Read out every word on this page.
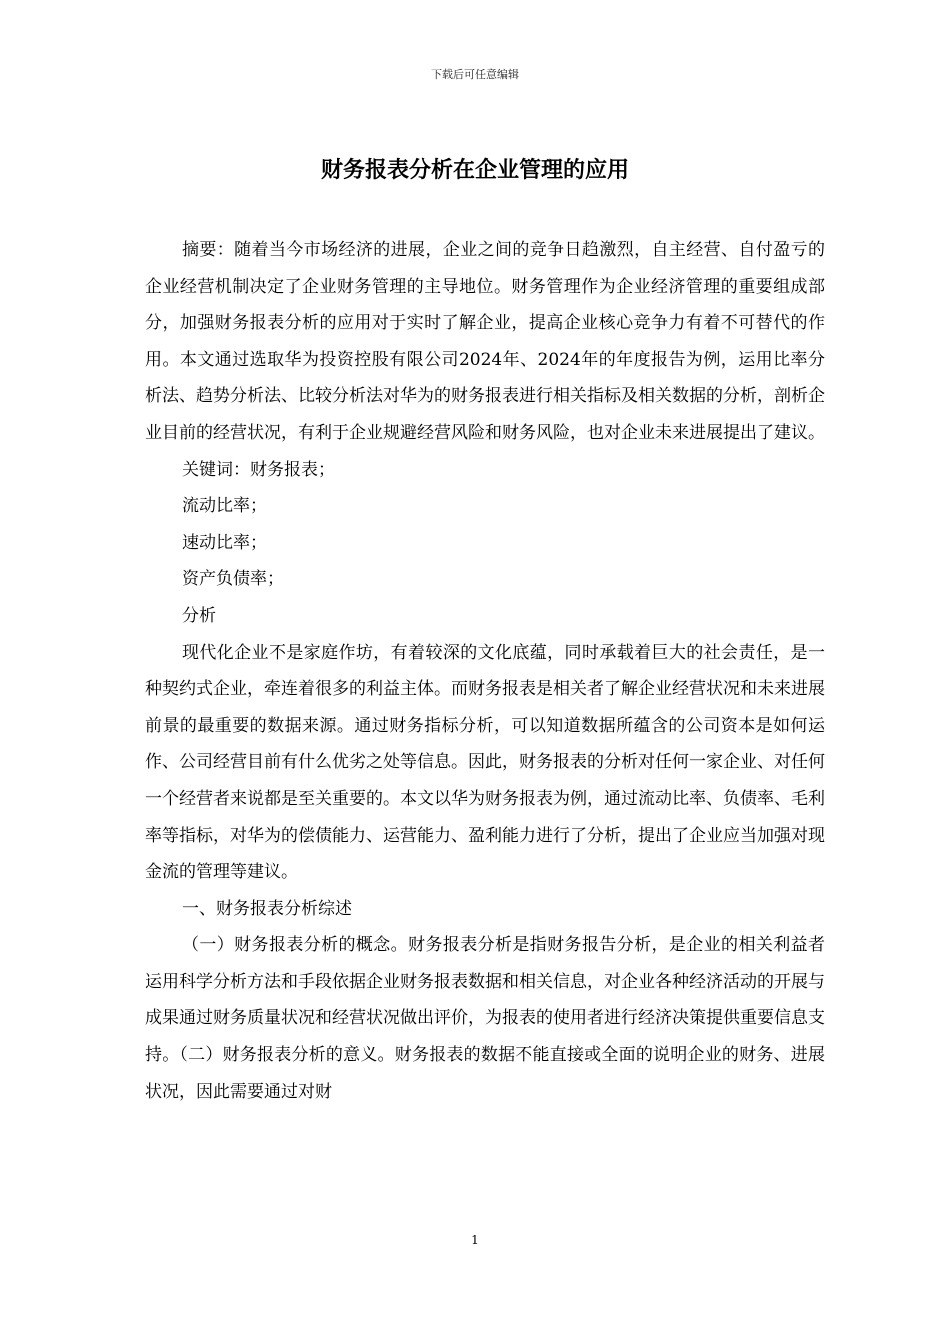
下载后可任意编辑
财务报表分析在企业管理的应用

摘要：随着当今市场经济的进展，企业之间的竞争日趋激烈，自主经营、自付盈亏的企业经营机制决定了企业财务管理的主导地位。财务管理作为企业经济管理的重要组成部分，加强财务报表分析的应用对于实时了解企业，提高企业核心竞争力有着不可替代的作用。本文通过选取华为投资控股有限公司2024年、2024年的年度报告为例，运用比率分析法、趋势分析法、比较分析法对华为的财务报表进行相关指标及相关数据的分析，剖析企业目前的经营状况，有利于企业规避经营风险和财务风险，也对企业未来进展提出了建议。

关键词：财务报表；

流动比率；

速动比率；

资产负债率；

分析

现代化企业不是家庭作坊，有着较深的文化底蕴，同时承载着巨大的社会责任，是一种契约式企业，牵连着很多的利益主体。而财务报表是相关者了解企业经营状况和未来进展前景的最重要的数据来源。通过财务指标分析，可以知道数据所蕴含的公司资本是如何运作、公司经营目前有什么优劣之处等信息。因此，财务报表的分析对任何一家企业、对任何一个经营者来说都是至关重要的。本文以华为财务报表为例，通过流动比率、负债率、毛利率等指标，对华为的偿债能力、运营能力、盈利能力进行了分析，提出了企业应当加强对现金流的管理等建议。

一、财务报表分析综述

（一）财务报表分析的概念。财务报表分析是指财务报告分析，是企业的相关利益者运用科学分析方法和手段依据企业财务报表数据和相关信息，对企业各种经济活动的开展与成果通过财务质量状况和经营状况做出评价，为报表的使用者进行经济决策提供重要信息支持。（二）财务报表分析的意义。财务报表的数据不能直接或全面的说明企业的财务、进展状况，因此需要通过对财

1
